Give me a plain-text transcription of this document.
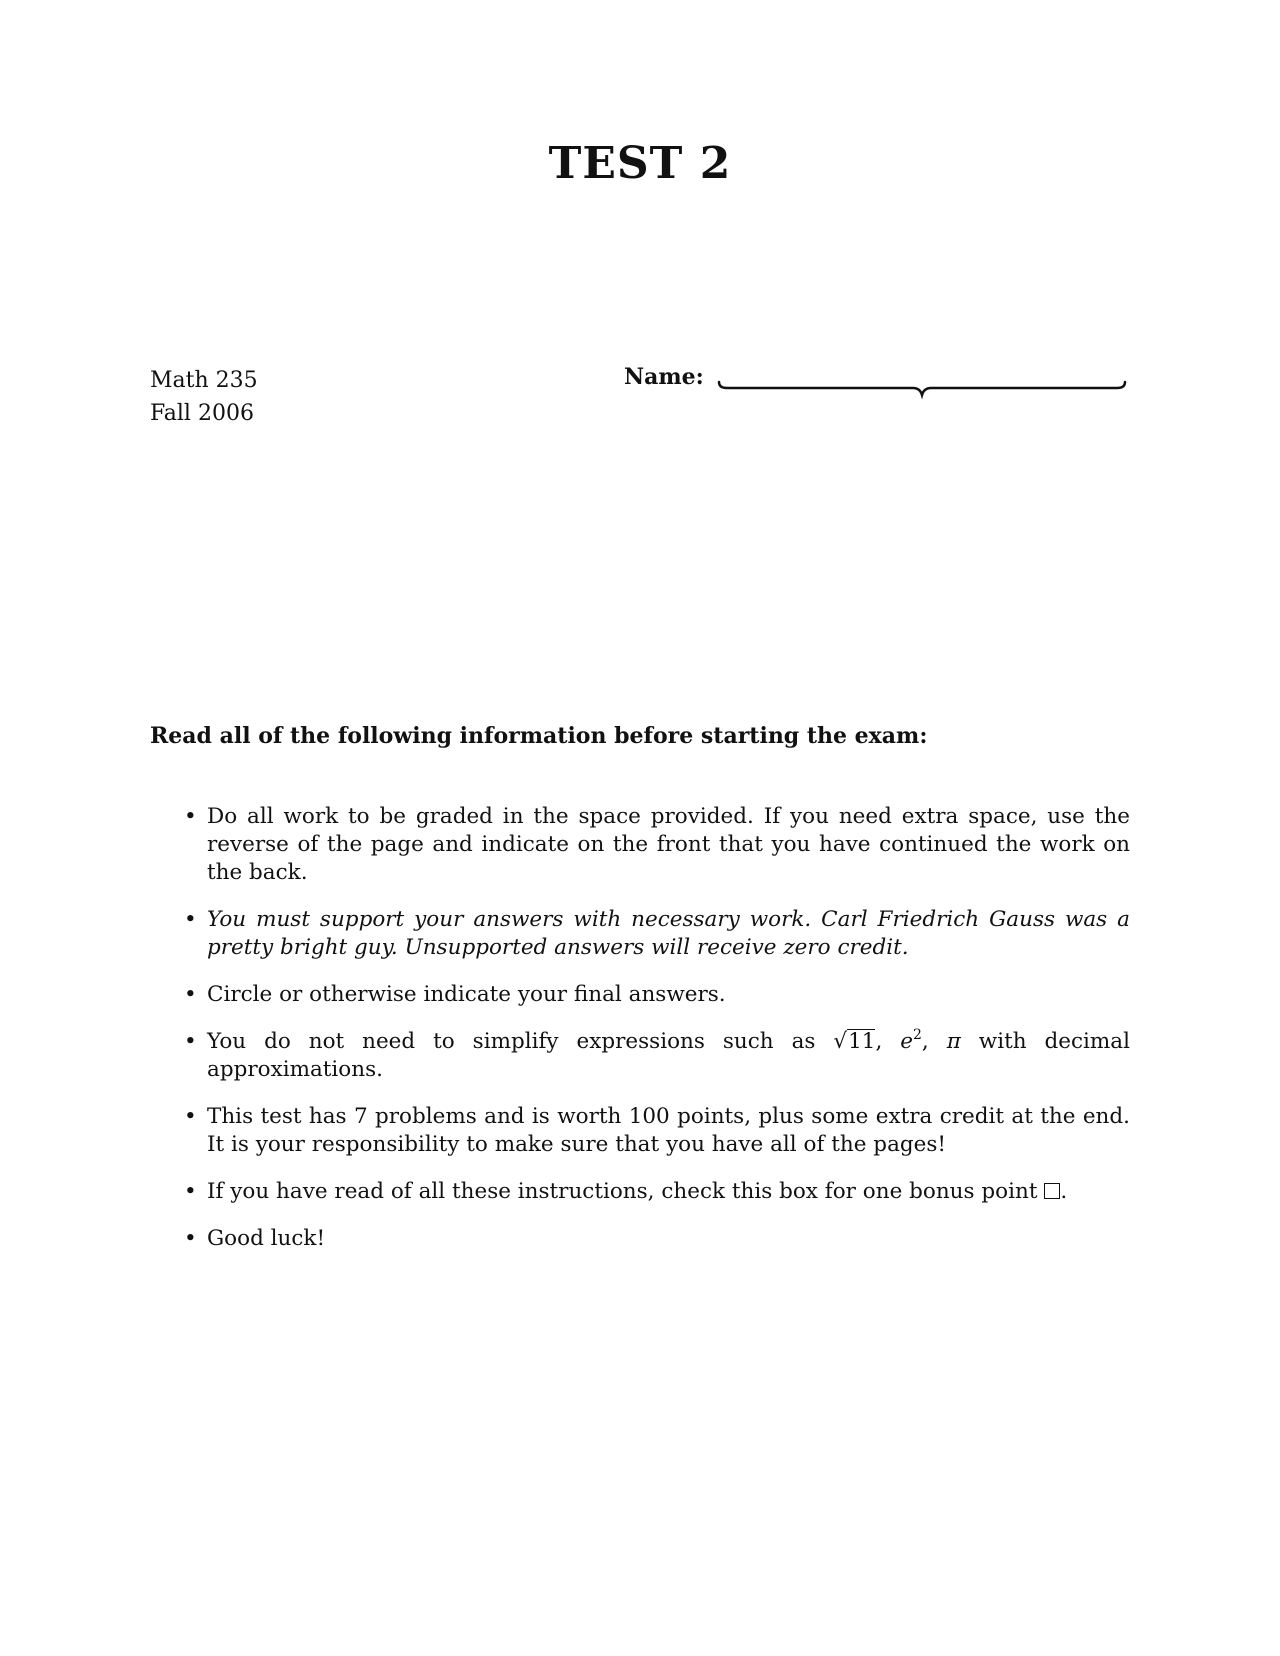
TEST 2
Math 235
Fall 2006
Name:
Read all of the following information before starting the exam:
• Do all work to be graded in the space provided. If you need extra space, use the reverse of the page and indicate on the front that you have continued the work on the back.
• You must support your answers with necessary work. Carl Friedrich Gauss was a pretty bright guy. Unsupported answers will receive zero credit.
• Circle or otherwise indicate your final answers.
• You do not need to simplify expressions such as √11, $e^2$, π with decimal approximations.
• This test has 7 problems and is worth 100 points, plus some extra credit at the end. It is your responsibility to make sure that you have all of the pages!
• If you have read of all these instructions, check this box for one bonus point .
• Good luck!
